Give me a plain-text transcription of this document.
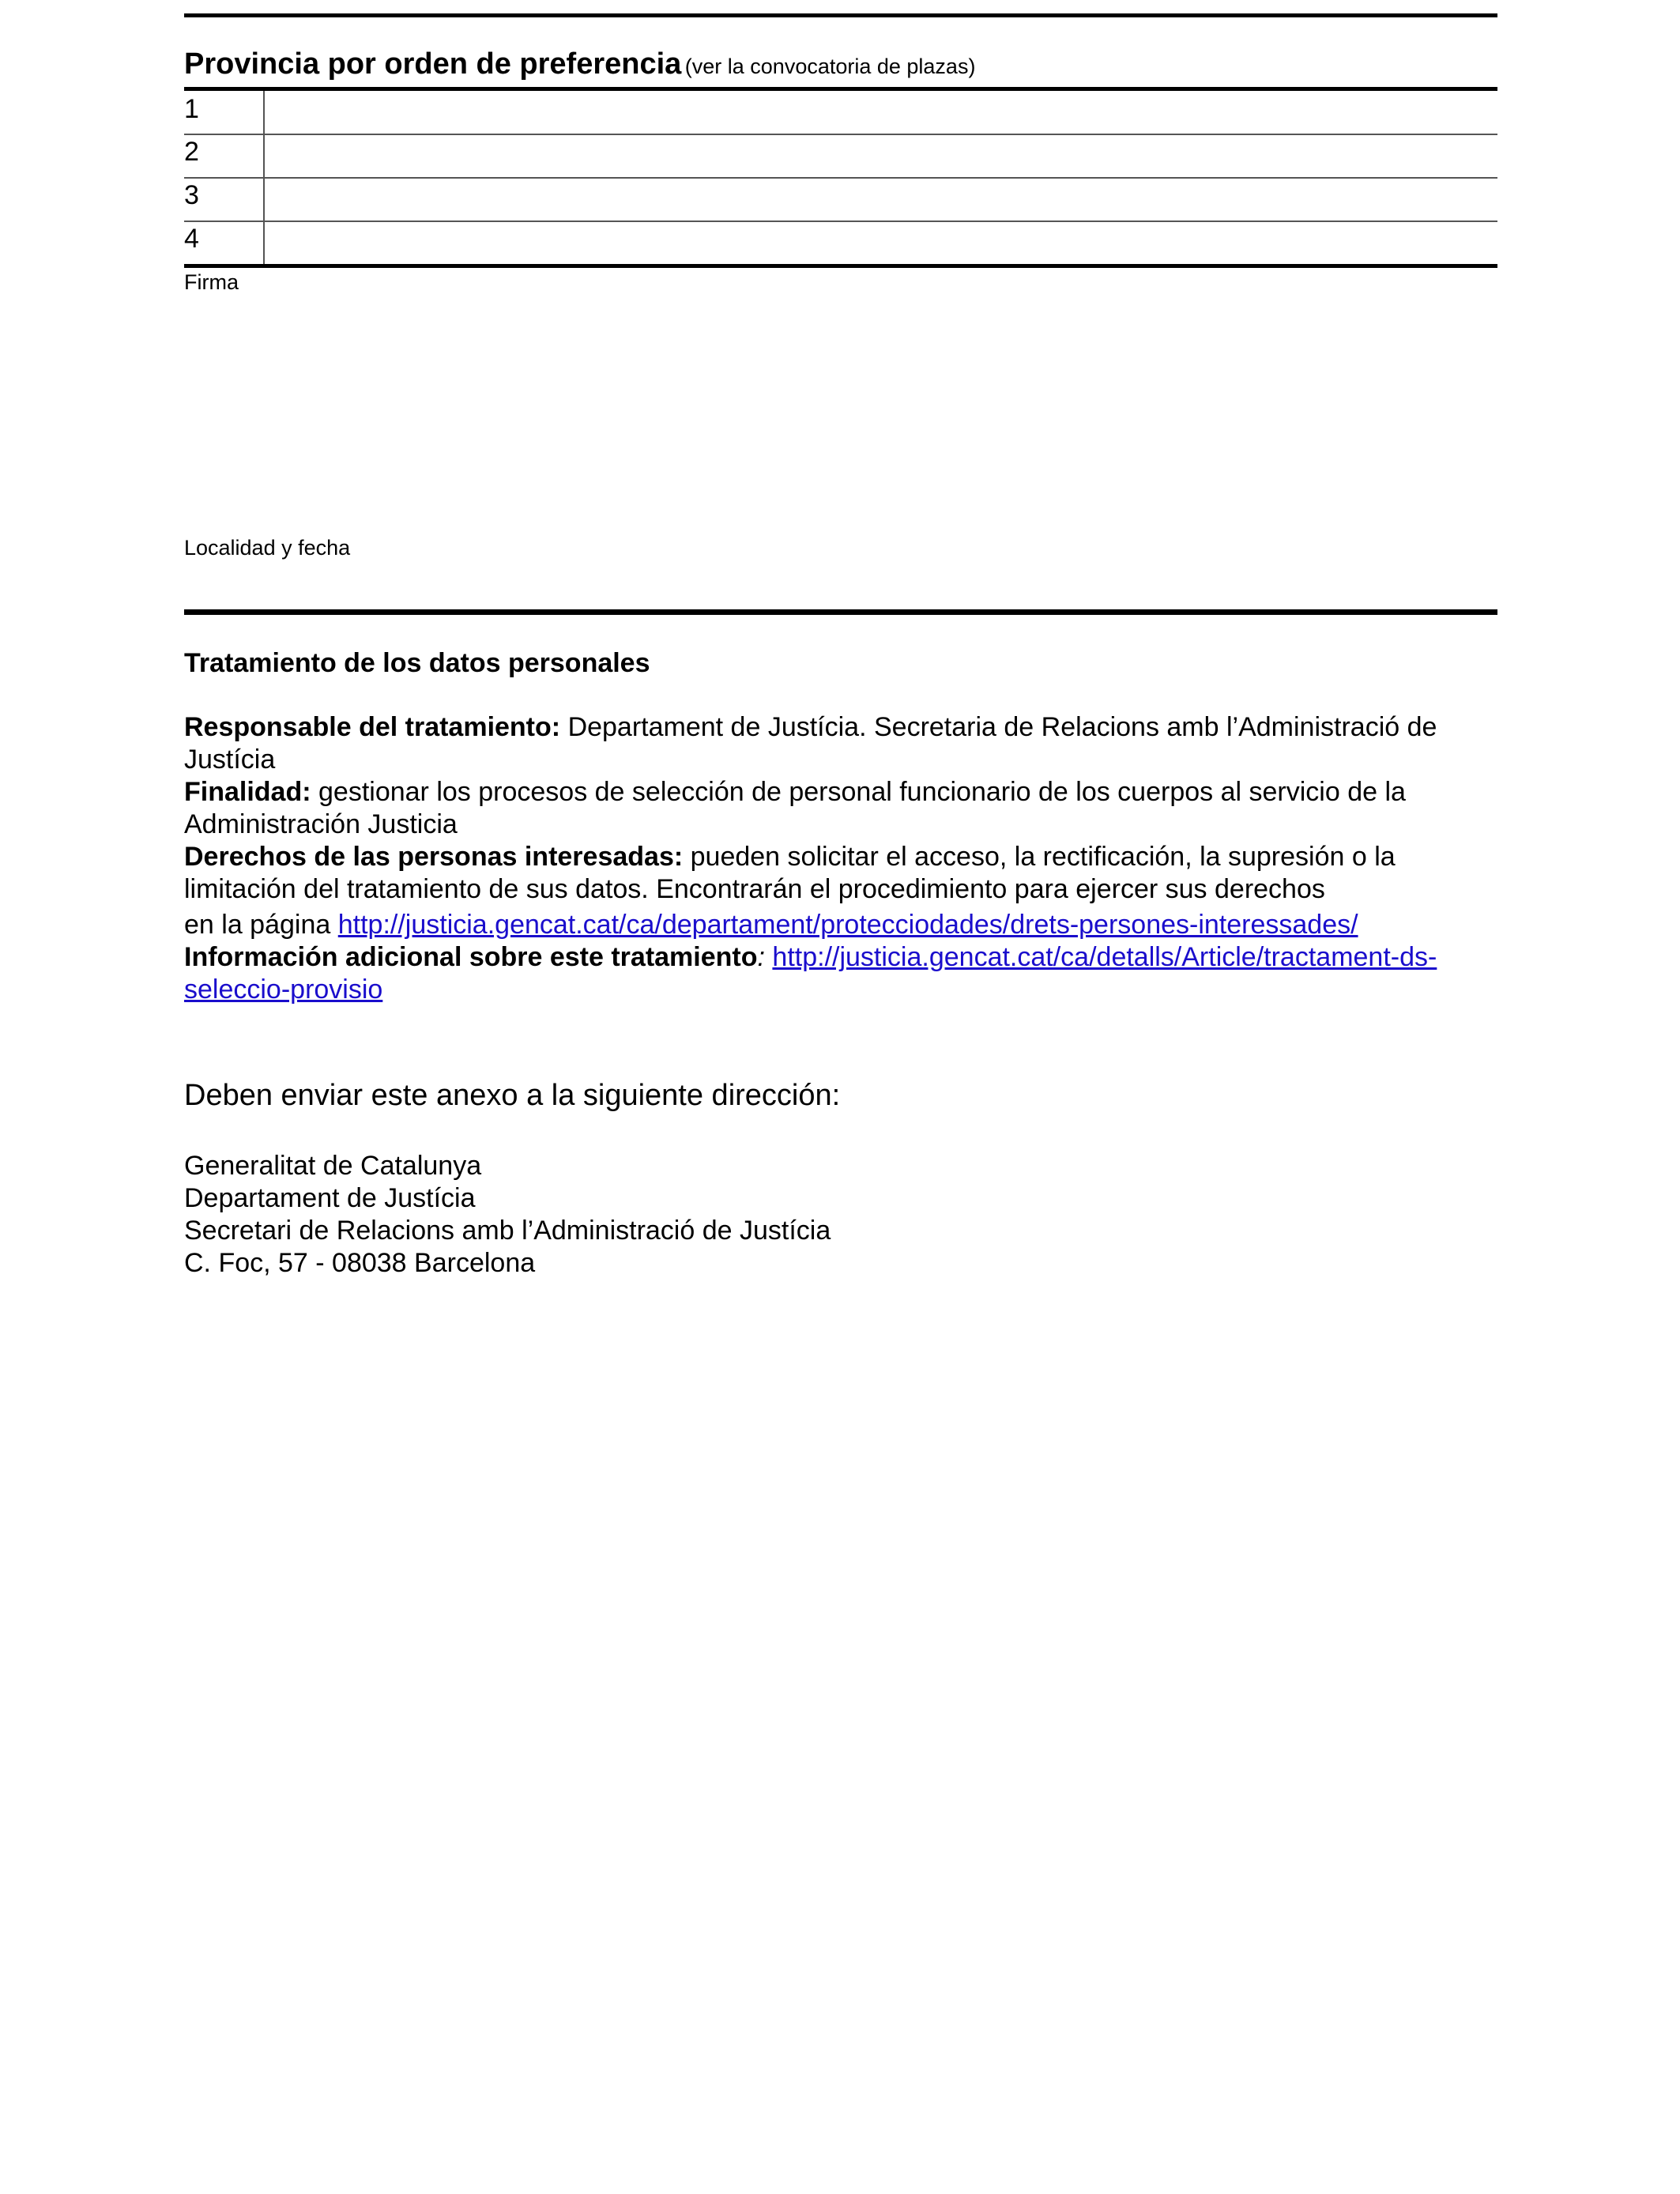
Provincia por orden de preferencia (ver la convocatoria de plazas)
1
2
3
4
Firma
Localidad y fecha
Tratamiento de los datos personales

Responsable del tratamiento: Departament de Justícia. Secretaria de Relacions amb l’Administració de Justícia

Finalidad: gestionar los procesos de selección de personal funcionario de los cuerpos al servicio de la Administración Justicia

Derechos de las personas interesadas: pueden solicitar el acceso, la rectificación, la supresión o la limitación del tratamiento de sus datos. Encontrarán el procedimiento para ejercer sus derechos

en la página http://justicia.gencat.cat/ca/departament/protecciodades/drets-persones-interessades/

Información adicional sobre este tratamiento: http://justicia.gencat.cat/ca/detalls/Article/tractament-ds-seleccio-provisio

Deben enviar este anexo a la siguiente dirección:
Generalitat de Catalunya
Departament de Justícia
Secretari de Relacions amb l’Administració de Justícia
C. Foc, 57 - 08038 Barcelona
